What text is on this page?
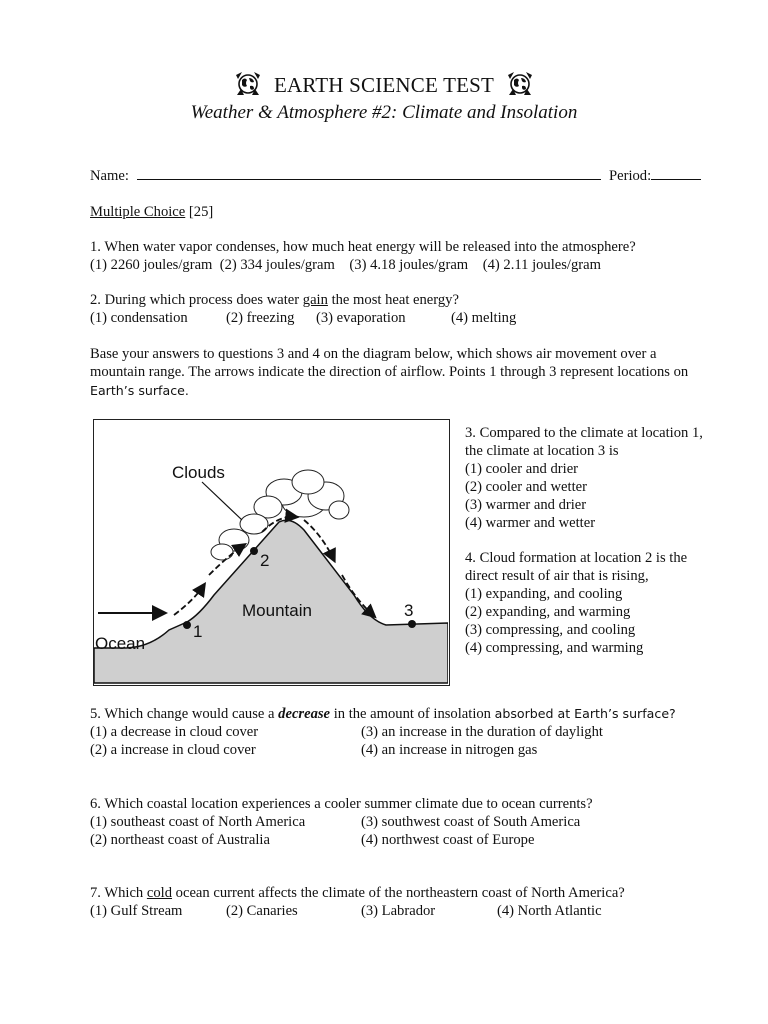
EARTH SCIENCE TEST
Weather & Atmosphere #2: Climate and Insolation
Name:	Period:
Multiple Choice [25]
1. When water vapor condenses, how much heat energy will be released into the atmosphere?
(1) 2260 joules/gram (2) 334 joules/gram (3) 4.18 joules/gram (4) 2.11 joules/gram
2. During which process does water gain the most heat energy?
(1) condensation	(2) freezing (3) evaporation	(4) melting
Base your answers to questions 3 and 4 on the diagram below, which shows air movement over a
mountain range. The arrows indicate the direction of airflow. Points 1 through 3 represent locations on
Earth’s surface.
Clouds
Mountain
Ocean
1
2
3
3. Compared to the climate at location 1,
the climate at location 3 is
(1) cooler and drier
(2) cooler and wetter
(3) warmer and drier
(4) warmer and wetter
4. Cloud formation at location 2 is the
direct result of air that is rising,
(1) expanding, and cooling
(2) expanding, and warming
(3) compressing, and cooling
(4) compressing, and warming
5. Which change would cause a decrease in the amount of insolation absorbed at Earth’s surface?
(1) a decrease in cloud cover	(3) an increase in the duration of daylight
(2) a increase in cloud cover	(4) an increase in nitrogen gas
6. Which coastal location experiences a cooler summer climate due to ocean currents?
(1) southeast coast of North America	(3) southwest coast of South America
(2) northeast coast of Australia	(4) northwest coast of Europe
7. Which cold ocean current affects the climate of the northeastern coast of North America?
(1) Gulf Stream	(2) Canaries	(3) Labrador	(4) North Atlantic
